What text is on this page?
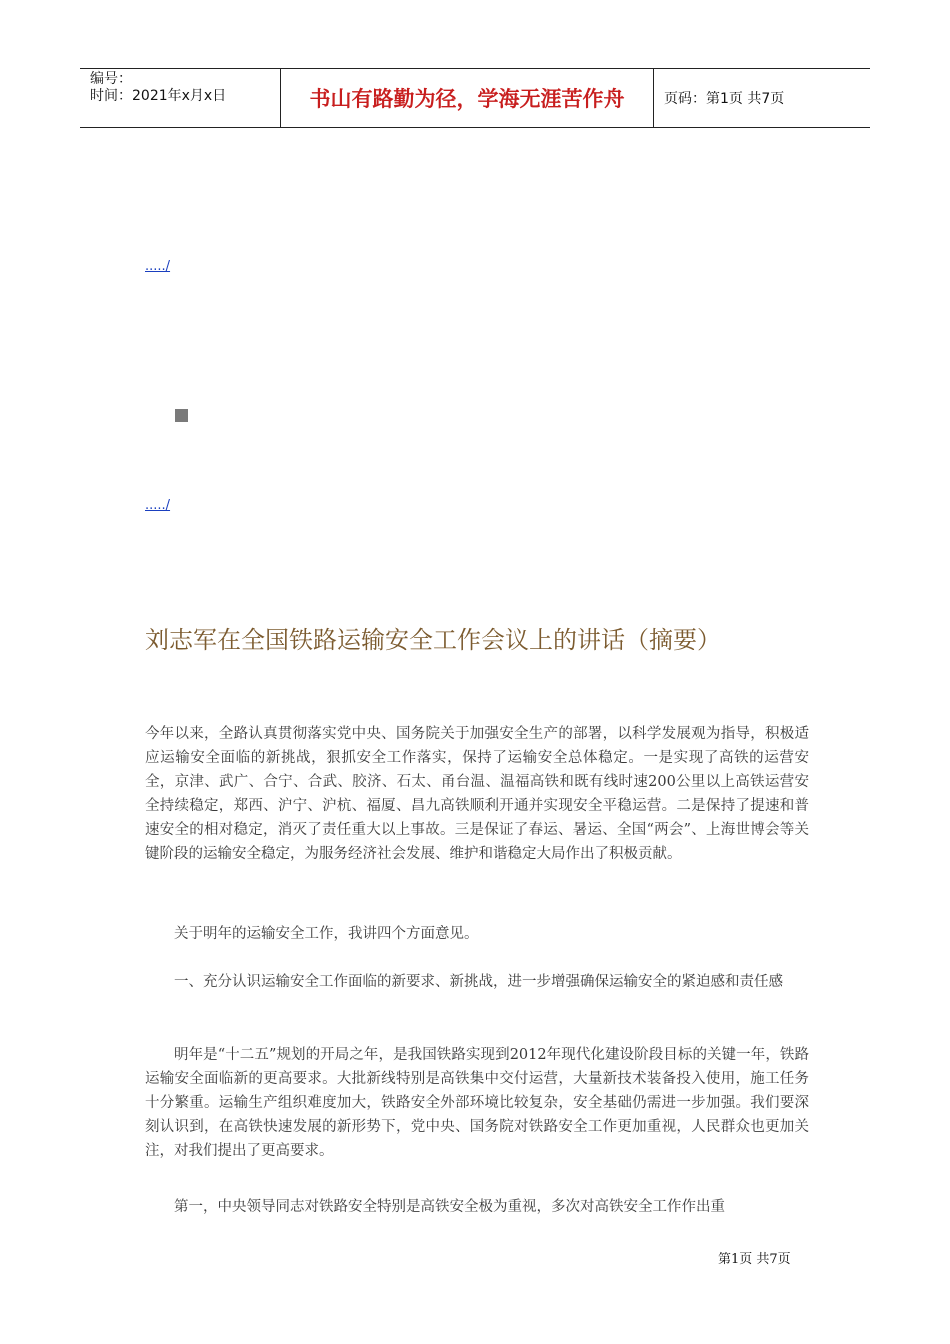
编号：
时间：2021年x月x日	书山有路勤为径，学海无涯苦作舟	页码：第1页 共7页
...../
...../
刘志军在全国铁路运输安全工作会议上的讲话（摘要）

今年以来，全路认真贯彻落实党中央、国务院关于加强安全生产的部署，以科学发展观为指导，积极适应运输安全面临的新挑战，狠抓安全工作落实，保持了运输安全总体稳定。一是实现了高铁的运营安全，京津、武广、合宁、合武、胶济、石太、甬台温、温福高铁和既有线时速200公里以上高铁运营安全持续稳定，郑西、沪宁、沪杭、福厦、昌九高铁顺利开通并实现安全平稳运营。二是保持了提速和普速安全的相对稳定，消灭了责任重大以上事故。三是保证了春运、暑运、全国“两会”、上海世博会等关键阶段的运输安全稳定，为服务经济社会发展、维护和谐稳定大局作出了积极贡献。

关于明年的运输安全工作，我讲四个方面意见。

一、充分认识运输安全工作面临的新要求、新挑战，进一步增强确保运输安全的紧迫感和责任感

明年是“十二五”规划的开局之年，是我国铁路实现到2012年现代化建设阶段目标的关键一年，铁路运输安全面临新的更高要求。大批新线特别是高铁集中交付运营，大量新技术装备投入使用，施工任务十分繁重。运输生产组织难度加大，铁路安全外部环境比较复杂，安全基础仍需进一步加强。我们要深刻认识到，在高铁快速发展的新形势下，党中央、国务院对铁路安全工作更加重视，人民群众也更加关注，对我们提出了更高要求。

第一，中央领导同志对铁路安全特别是高铁安全极为重视，多次对高铁安全工作作出重

第1页 共7页
